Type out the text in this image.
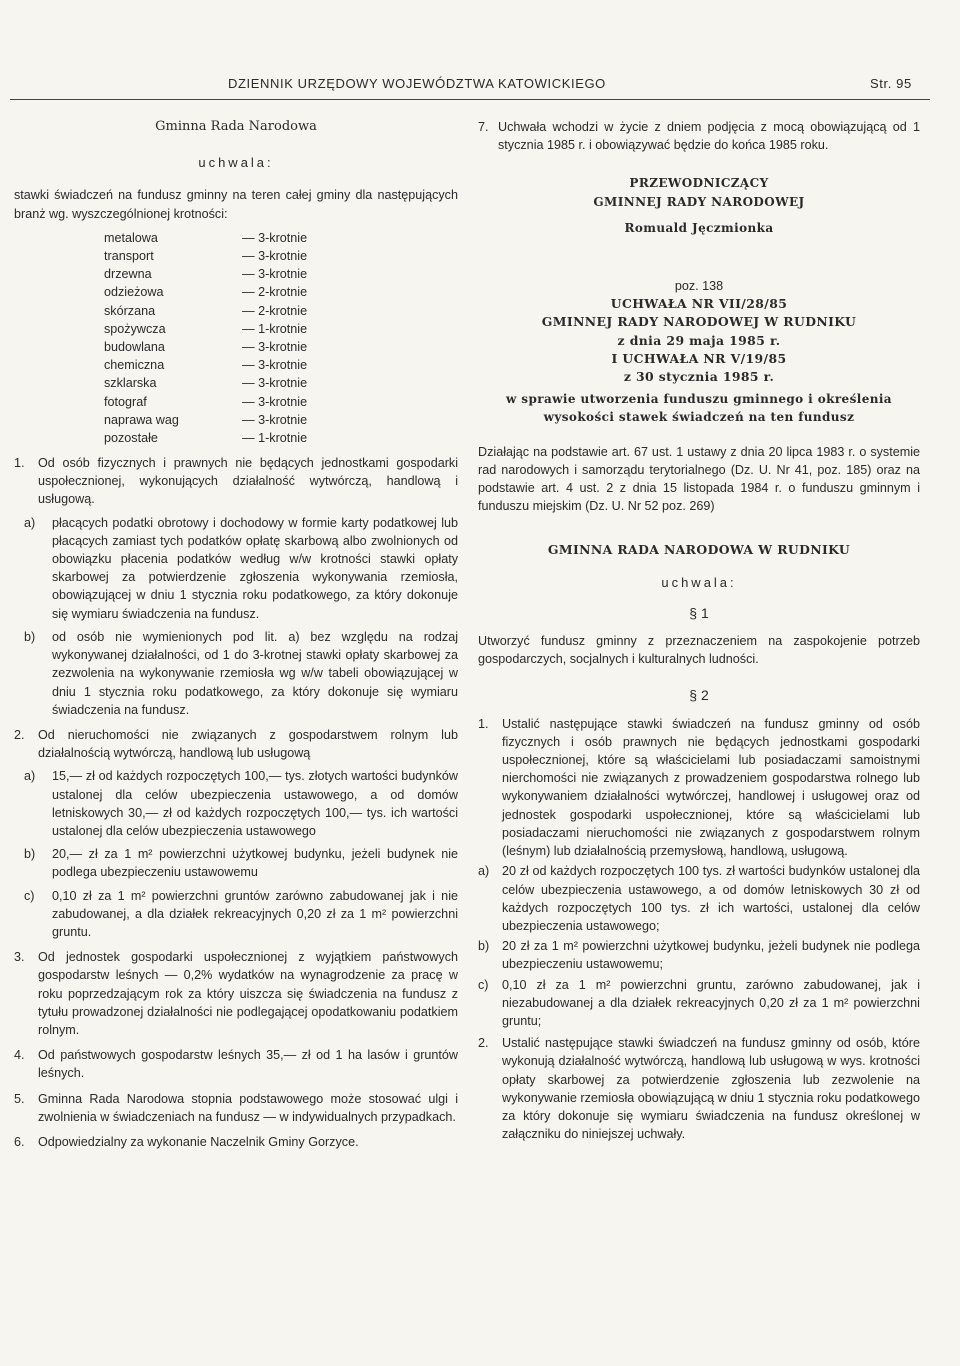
DZIENNIK URZĘDOWY WOJEWÓDZTWA KATOWICKIEGO	Str. 95
Gminna Rada Narodowa
uchwala:
stawki świadczeń na fundusz gminny na teren całej gminy dla następujących branż wg. wyszczególnionej krotności:
metalowa	— 3-krotnie
transport	— 3-krotnie
drzewna	— 3-krotnie
odzieżowa	— 2-krotnie
skórzana	— 2-krotnie
spożywcza	— 1-krotnie
budowlana	— 3-krotnie
chemiczna	— 3-krotnie
szklarska	— 3-krotnie
fotograf	— 3-krotnie
naprawa wag	— 3-krotnie
pozostałe	— 1-krotnie
1.	Od osób fizycznych i prawnych nie będących jednostkami gospodarki uspołecznionej, wykonujących działalność wytwórczą, handlową i usługową.
a)	płacących podatki obrotowy i dochodowy w formie karty podatkowej lub płacących zamiast tych podatków opłatę skarbową albo zwolnionych od obowiązku płacenia podatków według w/w krotności stawki opłaty skarbowej za potwierdzenie zgłoszenia wykonywania rzemiosła, obowiązującej w dniu 1 stycznia roku podatkowego, za który dokonuje się wymiaru świadczenia na fundusz.
b)	od osób nie wymienionych pod lit. a) bez względu na rodzaj wykonywanej działalności, od 1 do 3-krotnej stawki opłaty skarbowej za zezwolenia na wykonywanie rzemiosła wg w/w tabeli obowiązującej w dniu 1 stycznia roku podatkowego, za który dokonuje się wymiaru świadczenia na fundusz.
2.	Od nieruchomości nie związanych z gospodarstwem rolnym lub działalnością wytwórczą, handlową lub usługową
a)	15,— zł od każdych rozpoczętych 100,— tys. złotych wartości budynków ustalonej dla celów ubezpieczenia ustawowego, a od domów letniskowych 30,— zł od każdych rozpoczętych 100,— tys. ich wartości ustalonej dla celów ubezpieczenia ustawowego
b)	20,— zł za 1 m² powierzchni użytkowej budynku, jeżeli budynek nie podlega ubezpieczeniu ustawowemu
c)	0,10 zł za 1 m² powierzchni gruntów zarówno zabudowanej jak i nie zabudowanej, a dla działek rekreacyjnych 0,20 zł za 1 m² powierzchni gruntu.
3.	Od jednostek gospodarki uspołecznionej z wyjątkiem państwowych gospodarstw leśnych — 0,2% wydatków na wynagrodzenie za pracę w roku poprzedzającym rok za który uiszcza się świadczenia na fundusz z tytułu prowadzonej działalności nie podlegającej opodatkowaniu podatkiem rolnym.
4.	Od państwowych gospodarstw leśnych 35,— zł od 1 ha lasów i gruntów leśnych.
5.	Gminna Rada Narodowa stopnia podstawowego może stosować ulgi i zwolnienia w świadczeniach na fundusz — w indywidualnych przypadkach.
6.	Odpowiedzialny za wykonanie Naczelnik Gminy Gorzyce.
7. Uchwała wchodzi w życie z dniem podjęcia z mocą obowiązującą od 1 stycznia 1985 r. i obowiązywać będzie do końca 1985 roku.
PRZEWODNICZĄCY
GMINNEJ RADY NARODOWEJ
Romuald Jęczmionka
poz. 138
UCHWAŁA NR VII/28/85
GMINNEJ RADY NARODOWEJ W RUDNIKU
z dnia 29 maja 1985 r.
I UCHWAŁA NR V/19/85
z 30 stycznia 1985 r.
w sprawie utworzenia funduszu gminnego i określenia wysokości stawek świadczeń na ten fundusz
Działając na podstawie art. 67 ust. 1 ustawy z dnia 20 lipca 1983 r. o systemie rad narodowych i samorządu terytorialnego (Dz. U. Nr 41, poz. 185) oraz na podstawie art. 4 ust. 2 z dnia 15 listopada 1984 r. o funduszu gminnym i funduszu miejskim (Dz. U. Nr 52 poz. 269)
GMINNA RADA NARODOWA W RUDNIKU
uchwala:
§ 1
Utworzyć fundusz gminny z przeznaczeniem na zaspokojenie potrzeb gospodarczych, socjalnych i kulturalnych ludności.
§ 2
1.	Ustalić następujące stawki świadczeń na fundusz gminny od osób fizycznych i osób prawnych nie będących jednostkami gospodarki uspołecznionej, które są właścicielami lub posiadaczami samoistnymi nierchomości nie związanych z prowadzeniem gospodarstwa rolnego lub wykonywaniem działalności wytwórczej, handlowej i usługowej oraz od jednostek gospodarki uspołecznionej, które są właścicielami lub posiadaczami nieruchomości nie związanych z gospodarstwem rolnym (leśnym) lub działalnością przemysłową, handlową, usługową.
a)	20 zł od każdych rozpoczętych 100 tys. zł wartości budynków ustalonej dla celów ubezpieczenia ustawowego, a od domów letniskowych 30 zł od każdych rozpoczętych 100 tys. zł ich wartości, ustalonej dla celów ubezpieczenia ustawowego;
b)	20 zł za 1 m² powierzchni użytkowej budynku, jeżeli budynek nie podlega ubezpieczeniu ustawowemu;
c)	0,10 zł za 1 m² powierzchni gruntu, zarówno zabudowanej, jak i niezabudowanej a dla działek rekreacyjnych 0,20 zł za 1 m² powierzchni gruntu;
2.	Ustalić następujące stawki świadczeń na fundusz gminny od osób, które wykonują działalność wytwórczą, handlową lub usługową w wys. krotności opłaty skarbowej za potwierdzenie zgłoszenia lub zezwolenie na wykonywanie rzemiosła obowiązującą w dniu 1 stycznia roku podatkowego za który dokonuje się wymiaru świadczenia na fundusz określonej w załączniku do niniejszej uchwały.
